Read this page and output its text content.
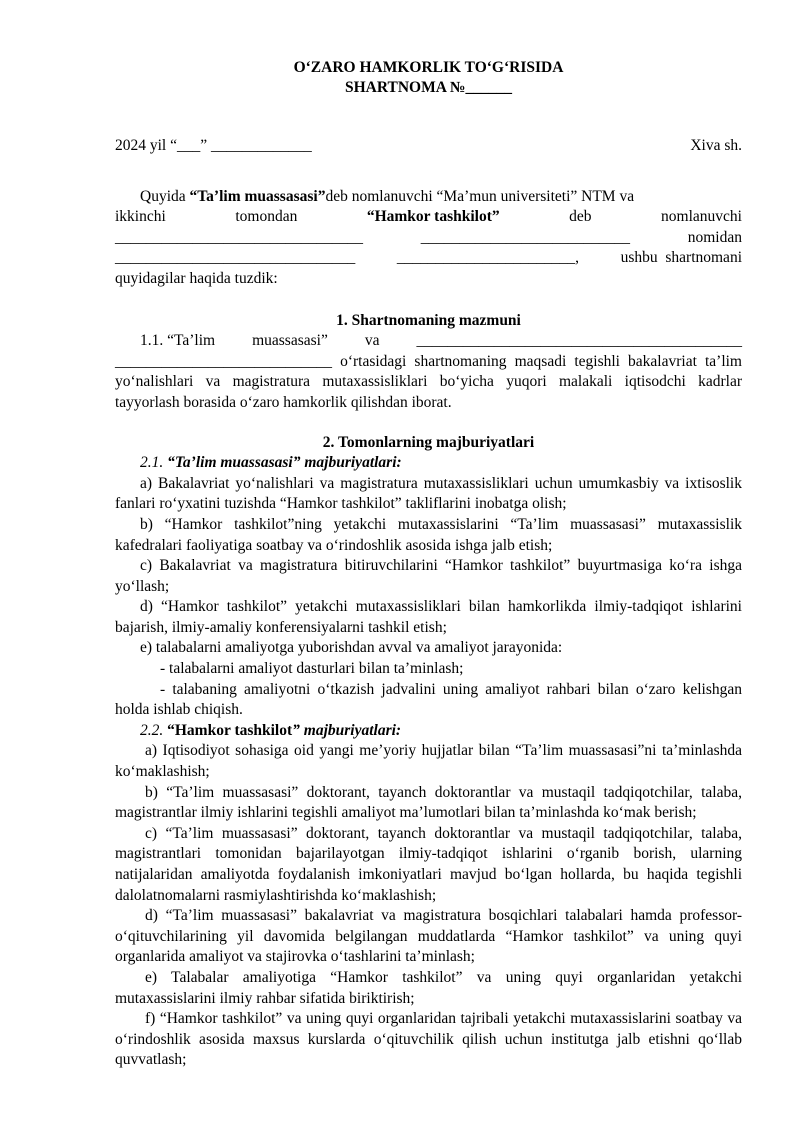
O‘ZARO HAMKORLIK TO‘G‘RISIDA

SHARTNOMA №______

2024 yil “___” _____________	Xiva sh.

Quyida “Ta’lim muassasasi”deb nomlanuvchi “Ma’mun universiteti” NTM va

ikkinchi	tomondan	“Hamkor tashkilot”	deb	nomlanuvchi
________________________________	___________________________	nomidan
_______________________________	_______________________,	ushbu  shartnomani

quyidagilar haqida tuzdik:

1. Shartnomaning mazmuni
1.1. “Ta’lim muassasasi” va __________________________________________

____________________________ o‘rtasidagi shartnomaning maqsadi tegishli bakalavriat ta’lim yo‘nalishlari va magistratura mutaxassisliklari bo‘yicha yuqori malakali iqtisodchi kadrlar tayyorlash borasida o‘zaro hamkorlik qilishdan iborat.

2. Tomonlarning majburiyatlari

2.1. “Ta’lim muassasasi” majburiyatlari:

a) Bakalavriat yo‘nalishlari va magistratura mutaxassisliklari uchun umumkasbiy va ixtisoslik fanlari ro‘yxatini tuzishda “Hamkor tashkilot” takliflarini inobatga olish;

b) “Hamkor tashkilot”ning yetakchi mutaxassislarini “Ta’lim muassasasi” mutaxassislik kafedralari faoliyatiga soatbay va o‘rindoshlik asosida ishga jalb etish;

c) Bakalavriat va magistratura bitiruvchilarini “Hamkor tashkilot” buyurtmasiga ko‘ra ishga yo‘llash;

d) “Hamkor tashkilot” yetakchi mutaxassisliklari bilan hamkorlikda ilmiy-tadqiqot ishlarini bajarish, ilmiy-amaliy konferensiyalarni tashkil etish;

e) talabalarni amaliyotga yuborishdan avval va amaliyot jarayonida:

- talabalarni amaliyot dasturlari bilan ta’minlash;

- talabaning amaliyotni o‘tkazish jadvalini uning amaliyot rahbari bilan o‘zaro kelishgan holda ishlab chiqish.

2.2. “Hamkor tashkilot” majburiyatlari:

a) Iqtisodiyot sohasiga oid yangi me’yoriy hujjatlar bilan “Ta’lim muassasasi”ni ta’minlashda ko‘maklashish;

b) “Ta’lim muassasasi” doktorant, tayanch doktorantlar va mustaqil tadqiqotchilar, talaba, magistrantlar ilmiy ishlarini tegishli amaliyot ma’lumotlari bilan ta’minlashda ko‘mak berish;

c) “Ta’lim muassasasi” doktorant, tayanch doktorantlar va mustaqil tadqiqotchilar, talaba, magistrantlari tomonidan bajarilayotgan ilmiy-tadqiqot ishlarini o‘rganib borish, ularning natijalaridan amaliyotda foydalanish imkoniyatlari mavjud bo‘lgan hollarda, bu haqida tegishli dalolatnomalarni rasmiylashtirishda ko‘maklashish;

d) “Ta’lim muassasasi” bakalavriat va magistratura bosqichlari talabalari hamda professor-o‘qituvchilarining yil davomida belgilangan muddatlarda “Hamkor tashkilot” va uning quyi organlarida amaliyot va stajirovka o‘tashlarini ta’minlash;

e) Talabalar amaliyotiga “Hamkor tashkilot” va uning quyi organlaridan yetakchi mutaxassislarini ilmiy rahbar sifatida biriktirish;

f) “Hamkor tashkilot” va uning quyi organlaridan tajribali yetakchi mutaxassislarini soatbay va o‘rindoshlik asosida maxsus kurslarda o‘qituvchilik qilish uchun institutga jalb etishni qo‘llab quvvatlash;
